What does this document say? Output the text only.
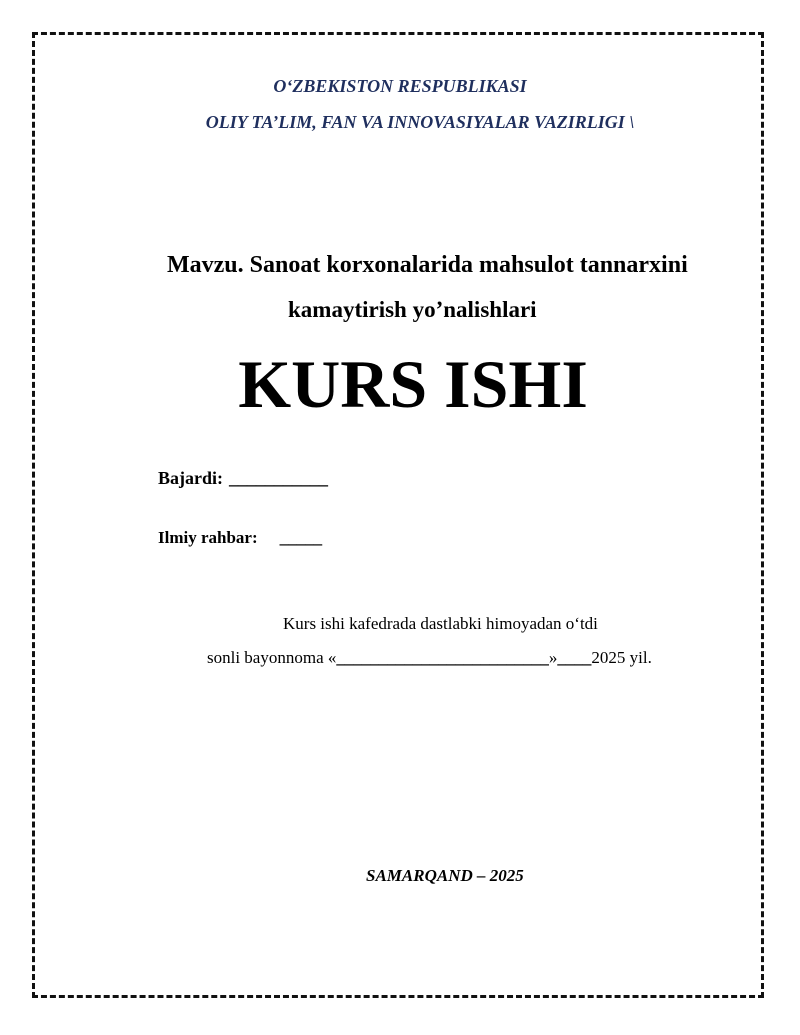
O‘ZBEKISTON RESPUBLIKASI
OLIY TA’LIM, FAN VA INNOVASIYALAR VAZIRLIGI \
Mavzu. Sanoat korxonalarida mahsulot tannarxini
kamaytirish yo’nalishlari
KURS ISHI
Bajardi: ___________
Ilmiy rahbar: _____
Kurs ishi kafedrada dastlabki himoyadan o‘tdi
sonli bayonnoma «_________________________»____2025 yil.
SAMARQAND – 2025
